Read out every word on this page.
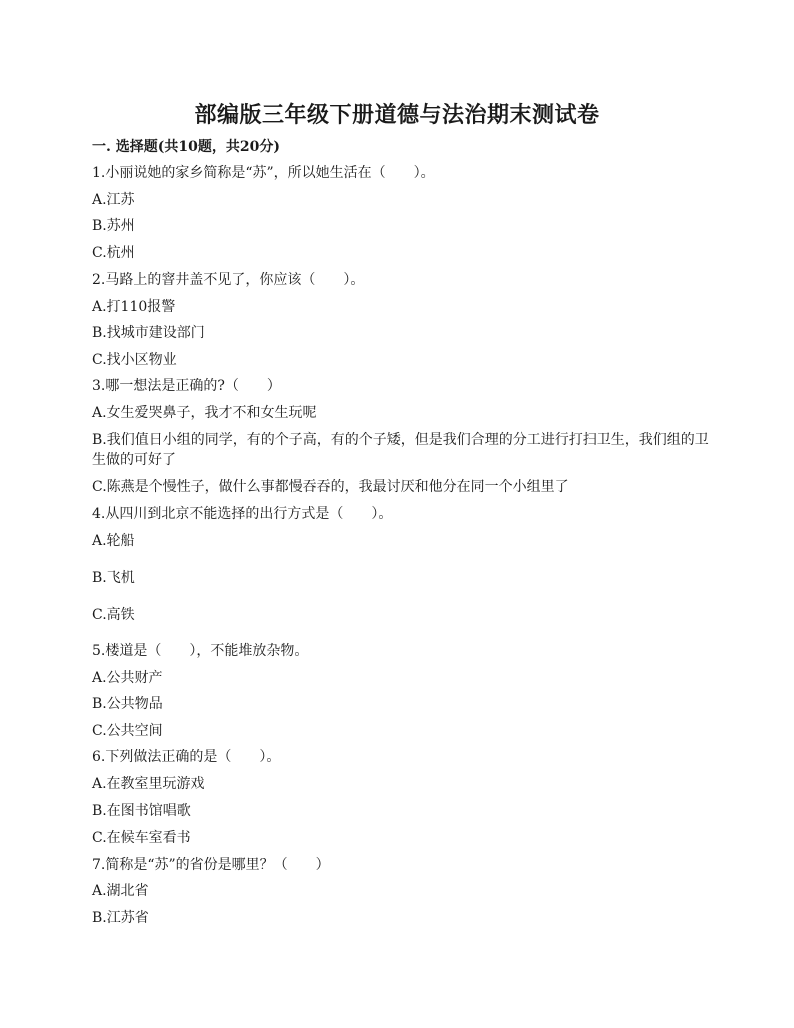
部编版三年级下册道德与法治期末测试卷
一. 选择题(共10题，共20分)
1.小丽说她的家乡简称是“苏”，所以她生活在（　　）。
A.江苏
B.苏州
C.杭州
2.马路上的窨井盖不见了，你应该（　　）。
A.打110报警
B.找城市建设部门
C.找小区物业
3.哪一想法是正确的?（　　）
A.女生爱哭鼻子，我才不和女生玩呢
B.我们值日小组的同学，有的个子高，有的个子矮，但是我们合理的分工进行打扫卫生，我们组的卫生做的可好了
C.陈燕是个慢性子，做什么事都慢吞吞的，我最讨厌和他分在同一个小组里了
4.从四川到北京不能选择的出行方式是（　　）。
A.轮船
B.飞机
C.高铁
5.楼道是（　　），不能堆放杂物。
A.公共财产
B.公共物品
C.公共空间
6.下列做法正确的是（　　）。
A.在教室里玩游戏
B.在图书馆唱歌
C.在候车室看书
7.简称是“苏”的省份是哪里？（　　）
A.湖北省
B.江苏省
